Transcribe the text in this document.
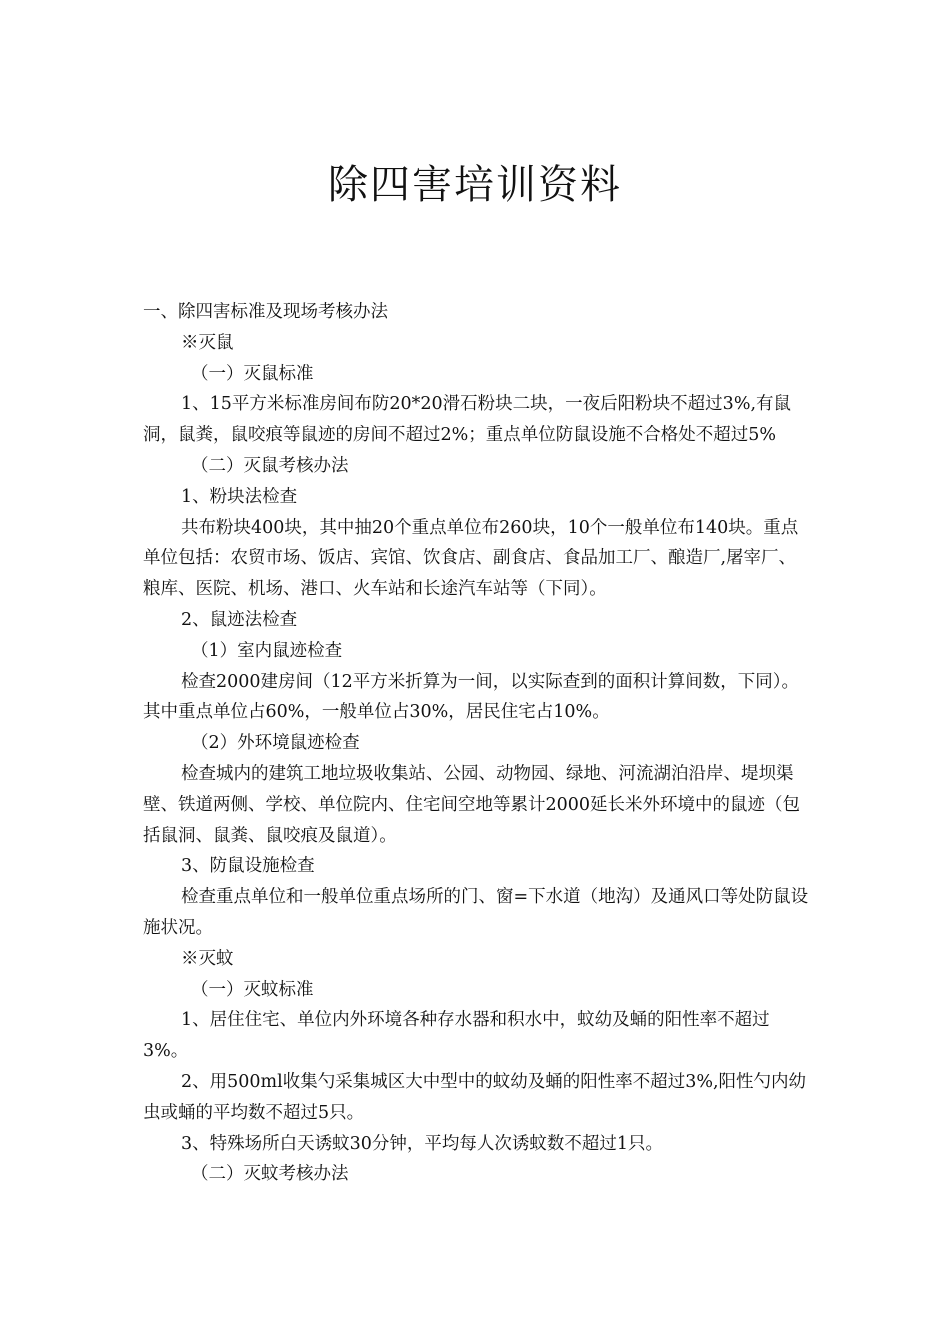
除四害培训资料

一、除四害标准及现场考核办法

※灭鼠

（一）灭鼠标准

1、15平方米标准房间布防20*20滑石粉块二块，一夜后阳粉块不超过3%,有鼠洞，鼠粪，鼠咬痕等鼠迹的房间不超过2%；重点单位防鼠设施不合格处不超过5%

（二）灭鼠考核办法

1、粉块法检查

共布粉块400块，其中抽20个重点单位布260块，10个一般单位布140块。重点单位包括：农贸市场、饭店、宾馆、饮食店、副食店、食品加工厂、酿造厂,屠宰厂、粮库、医院、机场、港口、火车站和长途汽车站等（下同）。

2、鼠迹法检查

（1）室内鼠迹检查

检查2000建房间（12平方米折算为一间，以实际查到的面积计算间数，下同）。其中重点单位占60%，一般单位占30%，居民住宅占10%。

（2）外环境鼠迹检查

检查城内的建筑工地垃圾收集站、公园、动物园、绿地、河流湖泊沿岸、堤坝渠壁、铁道两侧、学校、单位院内、住宅间空地等累计2000延长米外环境中的鼠迹（包括鼠洞、鼠粪、鼠咬痕及鼠道）。

3、防鼠设施检查

检查重点单位和一般单位重点场所的门、窗=下水道（地沟）及通风口等处防鼠设施状况。

※灭蚊

（一）灭蚊标准

1、居住住宅、单位内外环境各种存水器和积水中，蚊幼及蛹的阳性率不超过3%。

2、用500ml收集勺采集城区大中型中的蚊幼及蛹的阳性率不超过3%,阳性勺内幼虫或蛹的平均数不超过5只。

3、特殊场所白天诱蚊30分钟，平均每人次诱蚊数不超过1只。

（二）灭蚊考核办法
